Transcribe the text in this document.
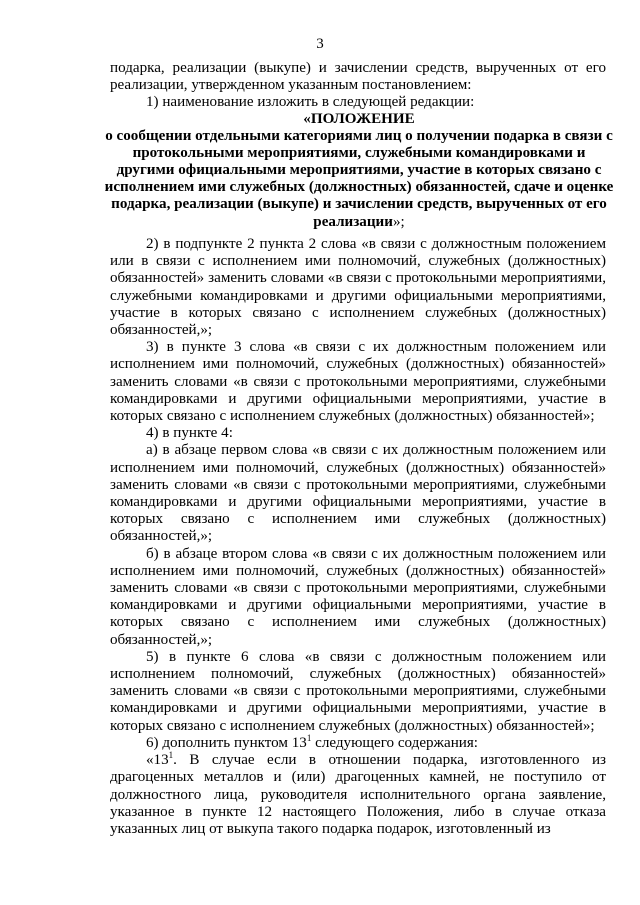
3

подарка, реализации (выкупе) и зачислении средств, вырученных от его реализации, утвержденном указанным постановлением:

1) наименование изложить в следующей редакции:

«ПОЛОЖЕНИЕ

о сообщении отдельными категориями лиц о получении подарка в связи с протокольными мероприятиями, служебными командировками и другими официальными мероприятиями, участие в которых связано с исполнением ими служебных (должностных) обязанностей, сдаче и оценке подарка, реализации (выкупе) и зачислении средств, вырученных от его реализации»;

2) в подпункте 2 пункта 2 слова «в связи с должностным положением или в связи с исполнением ими полномочий, служебных (должностных) обязанностей» заменить словами «в связи с протокольными мероприятиями, служебными командировками и другими официальными мероприятиями, участие в которых связано с исполнением служебных (должностных) обязанностей,»;

3) в пункте 3 слова «в связи с их должностным положением или исполнением ими полномочий, служебных (должностных) обязанностей» заменить словами «в связи с протокольными мероприятиями, служебными командировками и другими официальными мероприятиями, участие в которых связано с исполнением служебных (должностных) обязанностей»;

4) в пункте 4:

а) в абзаце первом слова «в связи с их должностным положением или исполнением ими полномочий, служебных (должностных) обязанностей» заменить словами «в связи с протокольными мероприятиями, служебными командировками и другими официальными мероприятиями, участие в которых связано с исполнением ими служебных (должностных) обязанностей,»;

б) в абзаце втором слова «в связи с их должностным положением или исполнением ими полномочий, служебных (должностных) обязанностей» заменить словами «в связи с протокольными мероприятиями, служебными командировками и другими официальными мероприятиями, участие в которых связано с исполнением ими служебных (должностных) обязанностей,»;

5) в пункте 6 слова «в связи с должностным положением или исполнением полномочий, служебных (должностных) обязанностей» заменить словами «в связи с протокольными мероприятиями, служебными командировками и другими официальными мероприятиями, участие в которых связано с исполнением служебных (должностных) обязанностей»;

6) дополнить пунктом $13^1$ следующего содержания:

«$13^1$. В случае если в отношении подарка, изготовленного из драгоценных металлов и (или) драгоценных камней, не поступило от должностного лица, руководителя исполнительного органа заявление, указанное в пункте 12 настоящего Положения, либо в случае отказа указанных лиц от выкупа такого подарка подарок, изготовленный из
